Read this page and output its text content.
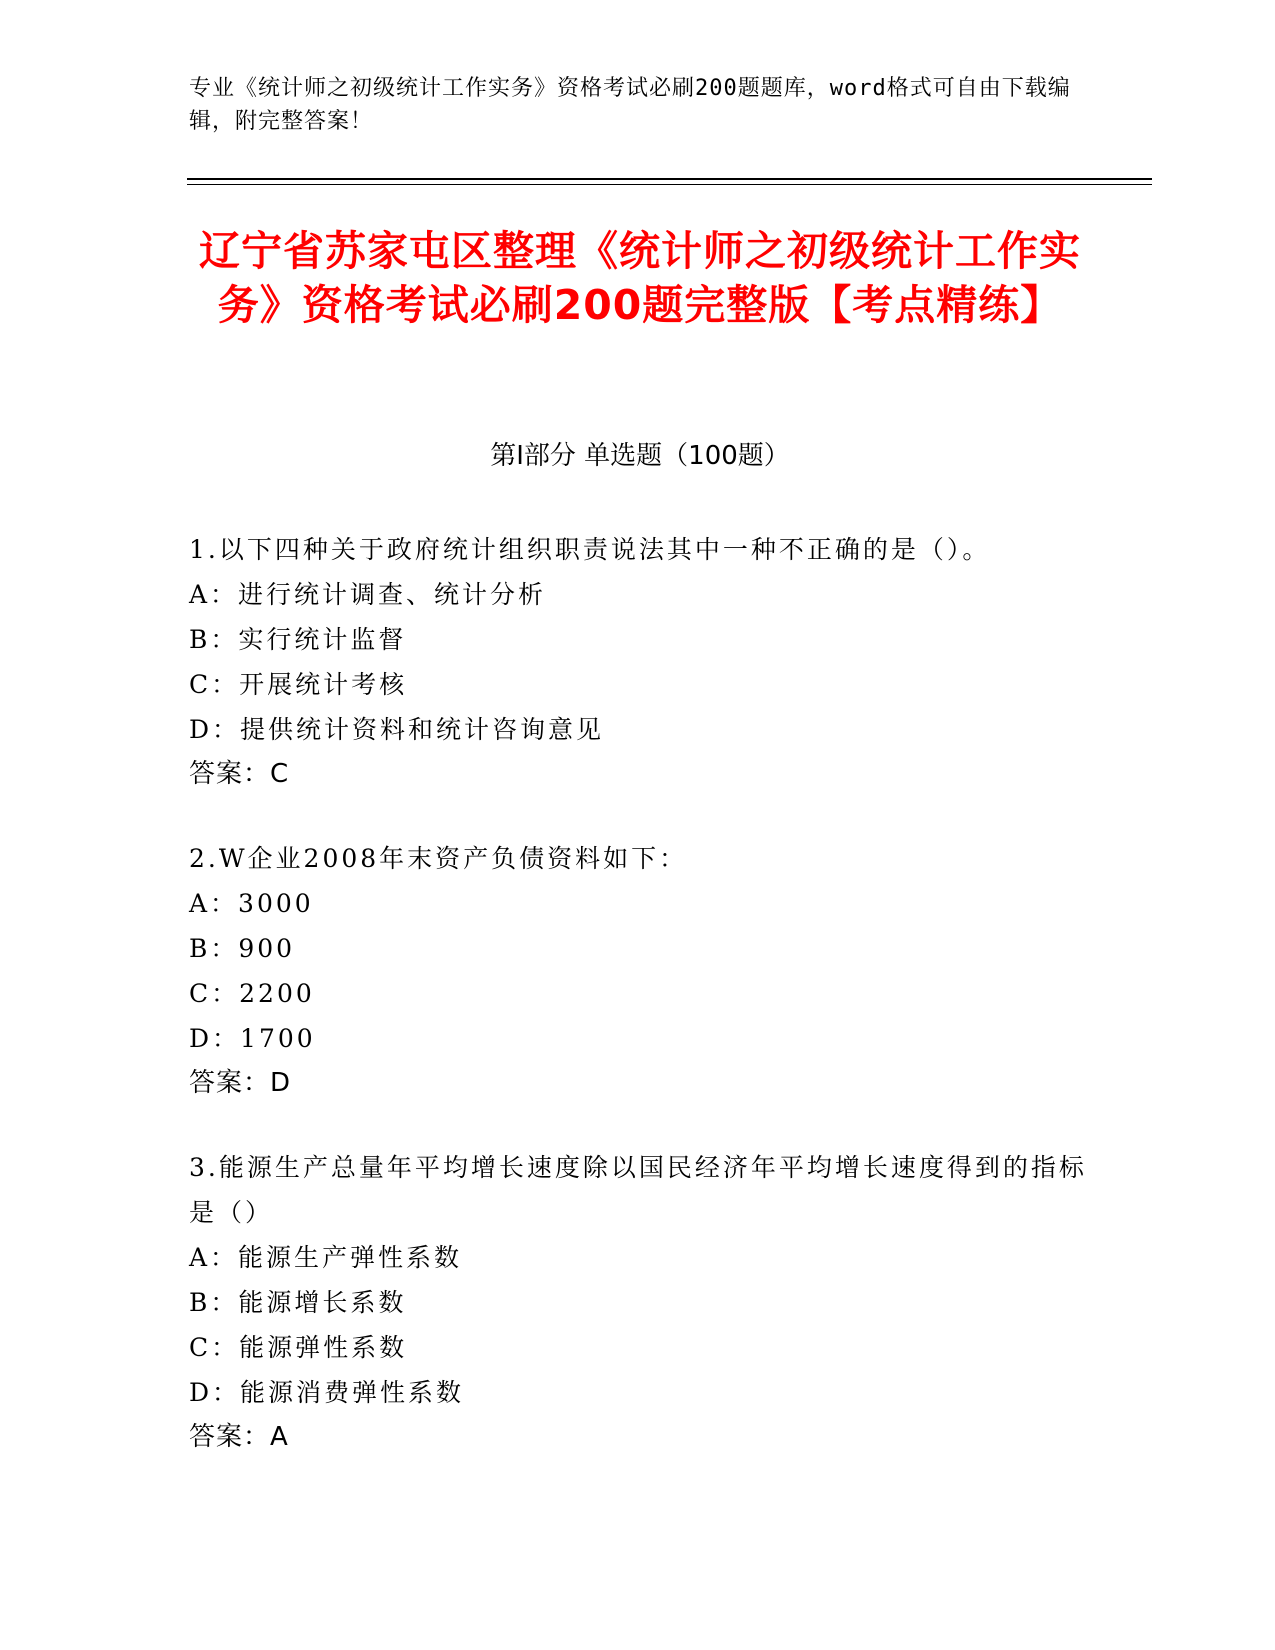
专业《统计师之初级统计工作实务》资格考试必刷200题题库，word格式可自由下载编辑，附完整答案！
辽宁省苏家屯区整理《统计师之初级统计工作实务》资格考试必刷200题完整版【考点精练】
第I部分 单选题（100题）
1.以下四种关于政府统计组织职责说法其中一种不正确的是（）。
A：进行统计调查、统计分析
B：实行统计监督
C：开展统计考核
D：提供统计资料和统计咨询意见
答案：C
2.W企业2008年末资产负债资料如下：
A：3000
B：900
C：2200
D：1700
答案：D
3.能源生产总量年平均增长速度除以国民经济年平均增长速度得到的指标是（）
A：能源生产弹性系数
B：能源增长系数
C：能源弹性系数
D：能源消费弹性系数
答案：A
